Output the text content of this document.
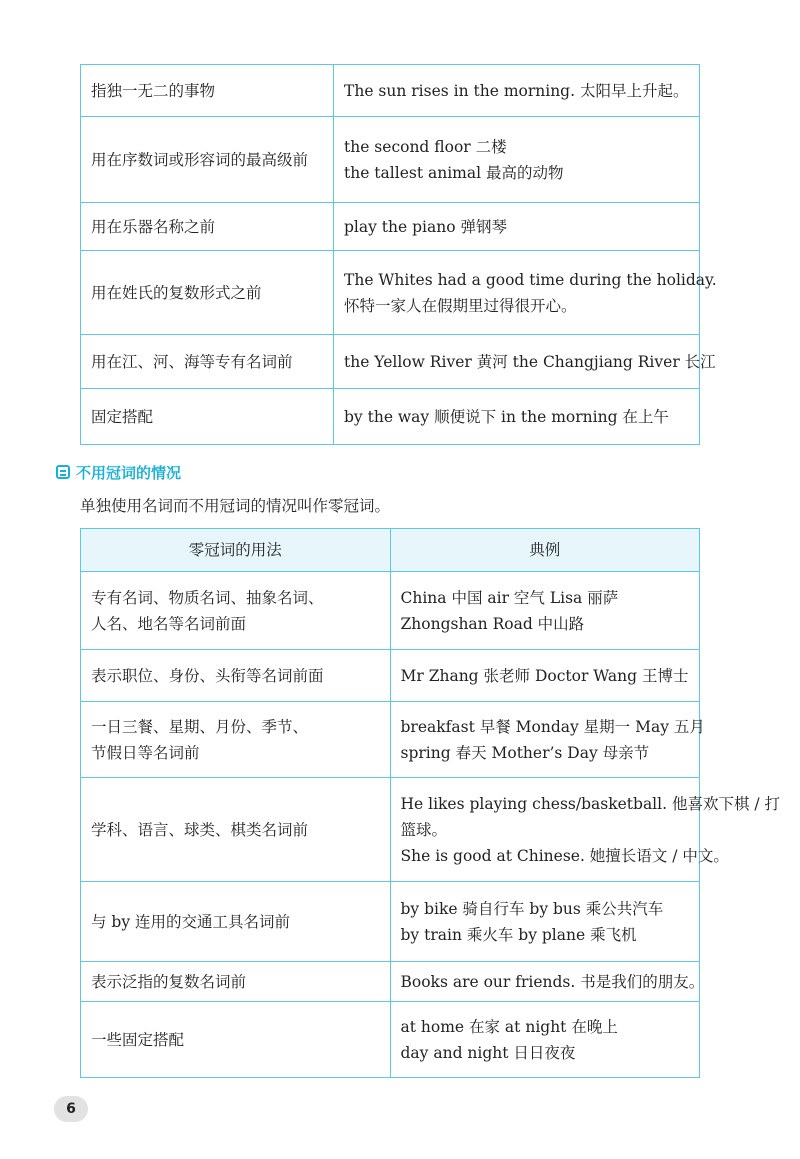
指独一无二的事物	The sun rises in the morning. 太阳早上升起。

用在序数词或形容词的最高级前	the second floor 二楼
the tallest animal 最高的动物

用在乐器名称之前	play the piano 弹钢琴

用在姓氏的复数形式之前	The Whites had a good time during the holiday.
怀特一家人在假期里过得很开心。

用在江、河、海等专有名词前	the Yellow River 黄河 the Changjiang River 长江

固定搭配	by the way 顺便说下 in the morning 在上午
不用冠词的情况
单独使用名词而不用冠词的情况叫作零冠词。
零冠词的用法	典例

专有名词、物质名词、抽象名词、
人名、地名等名词前面	China 中国 air 空气 Lisa 丽萨
Zhongshan Road 中山路

表示职位、身份、头衔等名词前面	Mr Zhang 张老师 Doctor Wang 王博士

一日三餐、星期、月份、季节、
节假日等名词前	breakfast 早餐 Monday 星期一 May 五月
spring 春天 Mother’s Day 母亲节

学科、语言、球类、棋类名词前	He likes playing chess/basketball. 他喜欢下棋 / 打
篮球。
She is good at Chinese. 她擅长语文 / 中文。

与 by 连用的交通工具名词前	by bike 骑自行车 by bus 乘公共汽车
by train 乘火车 by plane 乘飞机

表示泛指的复数名词前	Books are our friends. 书是我们的朋友。

一些固定搭配	at home 在家 at night 在晚上
day and night 日日夜夜
6
